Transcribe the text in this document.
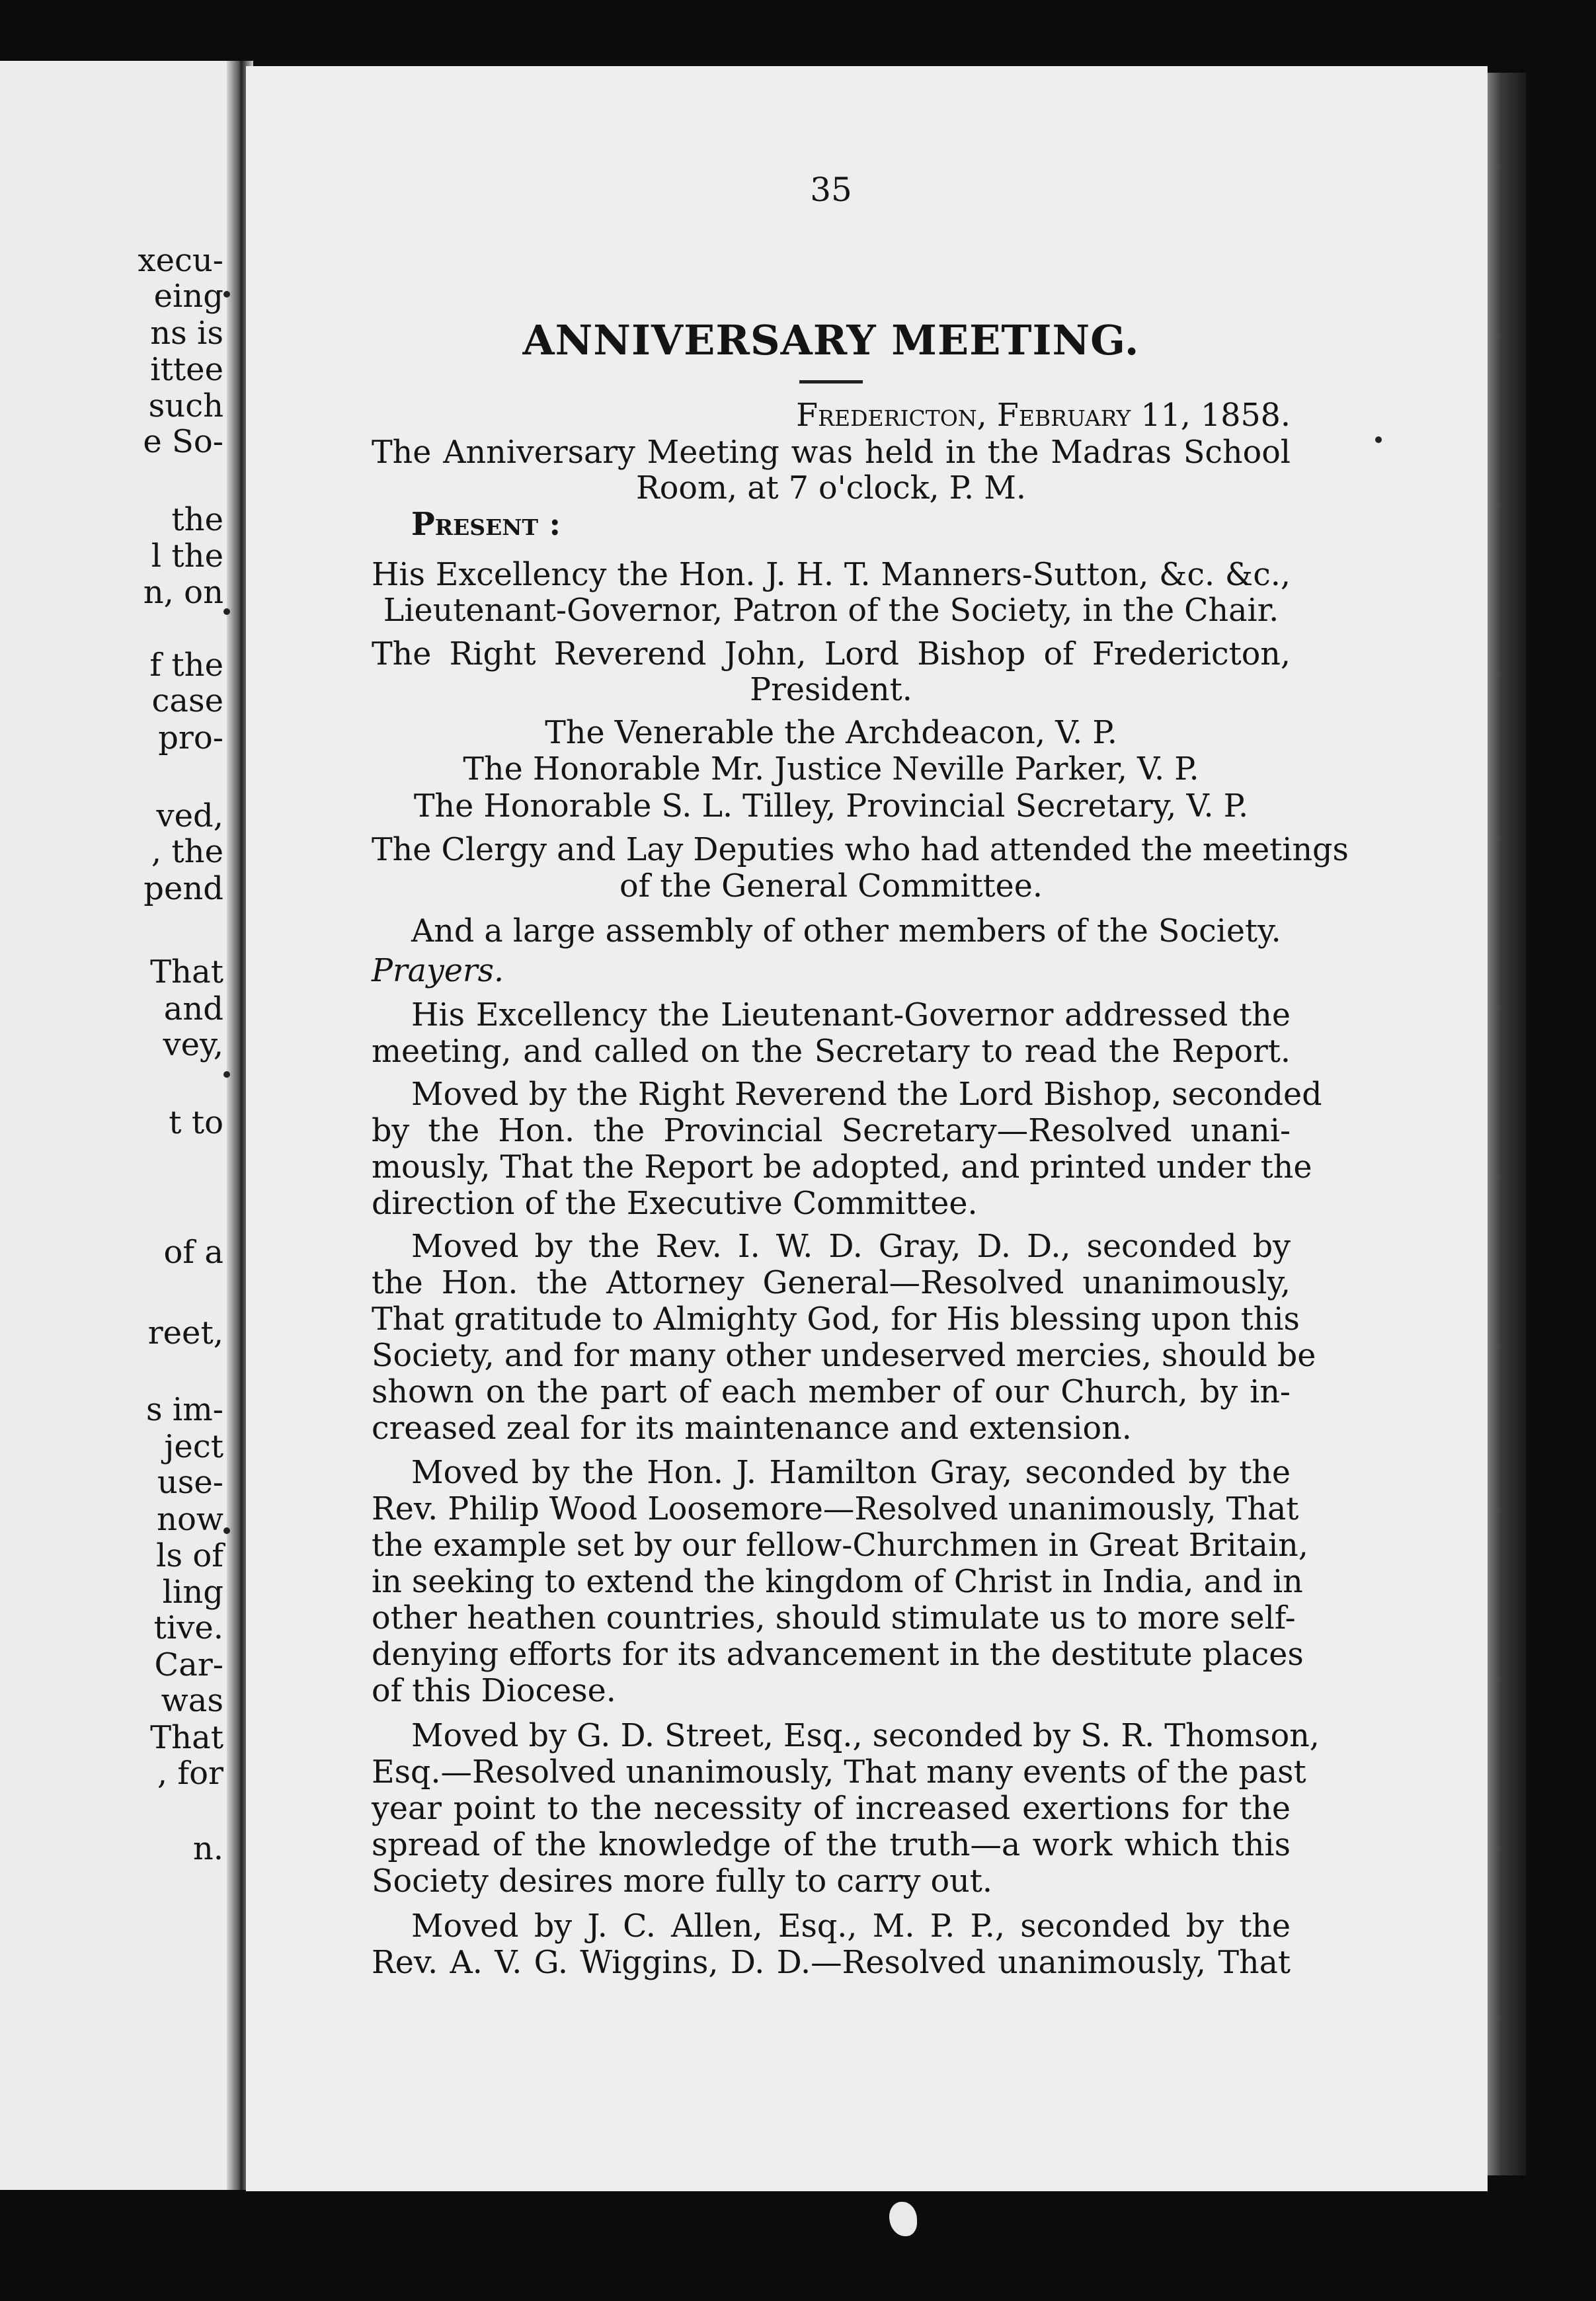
xecu-
eing
ns is
ittee
such
e So-
the
l the
n, on
f the
case
pro-
ved,
, the
pend
That
and
vey,
t to
of a
reet,
s im-
ject
use-
now
ls of
ling
tive.
Car-
was
That
, for
n.
35
ANNIVERSARY MEETING.
Fredericton, February 11, 1858.
The Anniversary Meeting was held in the Madras School
Room, at 7 o'clock, P. M.
Present :
His Excellency the Hon. J. H. T. Manners-Sutton, &c. &c.,
Lieutenant-Governor, Patron of the Society, in the Chair.
The Right Reverend John, Lord Bishop of Fredericton,
President.
The Venerable the Archdeacon, V. P.
The Honorable Mr. Justice Neville Parker, V. P.
The Honorable S. L. Tilley, Provincial Secretary, V. P.
The Clergy and Lay Deputies who had attended the meetings
of the General Committee.
And a large assembly of other members of the Society.
Prayers.
His Excellency the Lieutenant-Governor addressed the
meeting, and called on the Secretary to read the Report.
Moved by the Right Reverend the Lord Bishop, seconded
by the Hon. the Provincial Secretary—Resolved unani-
mously, That the Report be adopted, and printed under the
direction of the Executive Committee.
Moved by the Rev. I. W. D. Gray, D. D., seconded by
the Hon. the Attorney General—Resolved unanimously,
That gratitude to Almighty God, for His blessing upon this
Society, and for many other undeserved mercies, should be
shown on the part of each member of our Church, by in-
creased zeal for its maintenance and extension.
Moved by the Hon. J. Hamilton Gray, seconded by the
Rev. Philip Wood Loosemore—Resolved unanimously, That
the example set by our fellow-Churchmen in Great Britain,
in seeking to extend the kingdom of Christ in India, and in
other heathen countries, should stimulate us to more self-
denying efforts for its advancement in the destitute places
of this Diocese.
Moved by G. D. Street, Esq., seconded by S. R. Thomson,
Esq.—Resolved unanimously, That many events of the past
year point to the necessity of increased exertions for the
spread of the knowledge of the truth—a work which this
Society desires more fully to carry out.
Moved by J. C. Allen, Esq., M. P. P., seconded by the
Rev. A. V. G. Wiggins, D. D.—Resolved unanimously, That
